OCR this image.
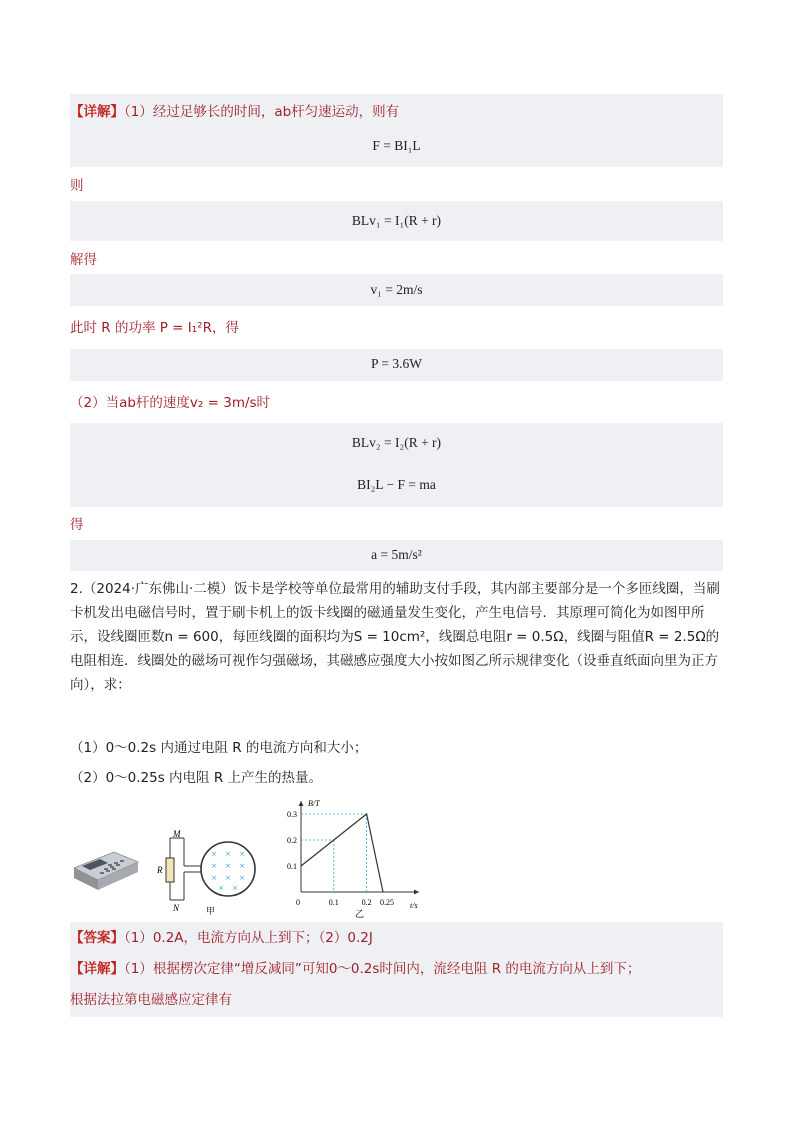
【详解】（1）经过足够长的时间，ab杆匀速运动，则有
F = BI₁L
则
BLv₁ = I₁(R + r)
解得
v₁ = 2m/s
此时 R 的功率 P = I₁²R，得
P = 3.6W
（2）当ab杆的速度v₂ = 3m/s时
BLv₂ = I₂(R + r)
BI₂L − F = ma
得
a = 5m/s²
2.（2024·广东佛山·二模）饭卡是学校等单位最常用的辅助支付手段，其内部主要部分是一个多匝线圈，当刷卡机发出电磁信号时，置于刷卡机上的饭卡线圈的磁通量发生变化，产生电信号．其原理可简化为如图甲所示，设线圈匝数n = 600，每匝线圈的面积均为S = 10cm²，线圈总电阻r = 0.5Ω，线圈与阻值R = 2.5Ω的电阻相连．线圈处的磁场可视作匀强磁场，其磁感应强度大小按如图乙所示规律变化（设垂直纸面向里为正方向），求：
（1）0～0.2s 内通过电阻 R 的电流方向和大小；
（2）0～0.25s 内电阻 R 上产生的热量。
× × ×
× × ×
× × ×
× ×
M
R
N	甲
0.1
0.2
0.3
0.1	0.2 0.25
B/T
t/s
0
乙
【答案】（1）0.2A，电流方向从上到下；（2）0.2J
【详解】（1）根据楞次定律“增反减同”可知0～0.2s时间内，流经电阻 R 的电流方向从上到下；
根据法拉第电磁感应定律有
